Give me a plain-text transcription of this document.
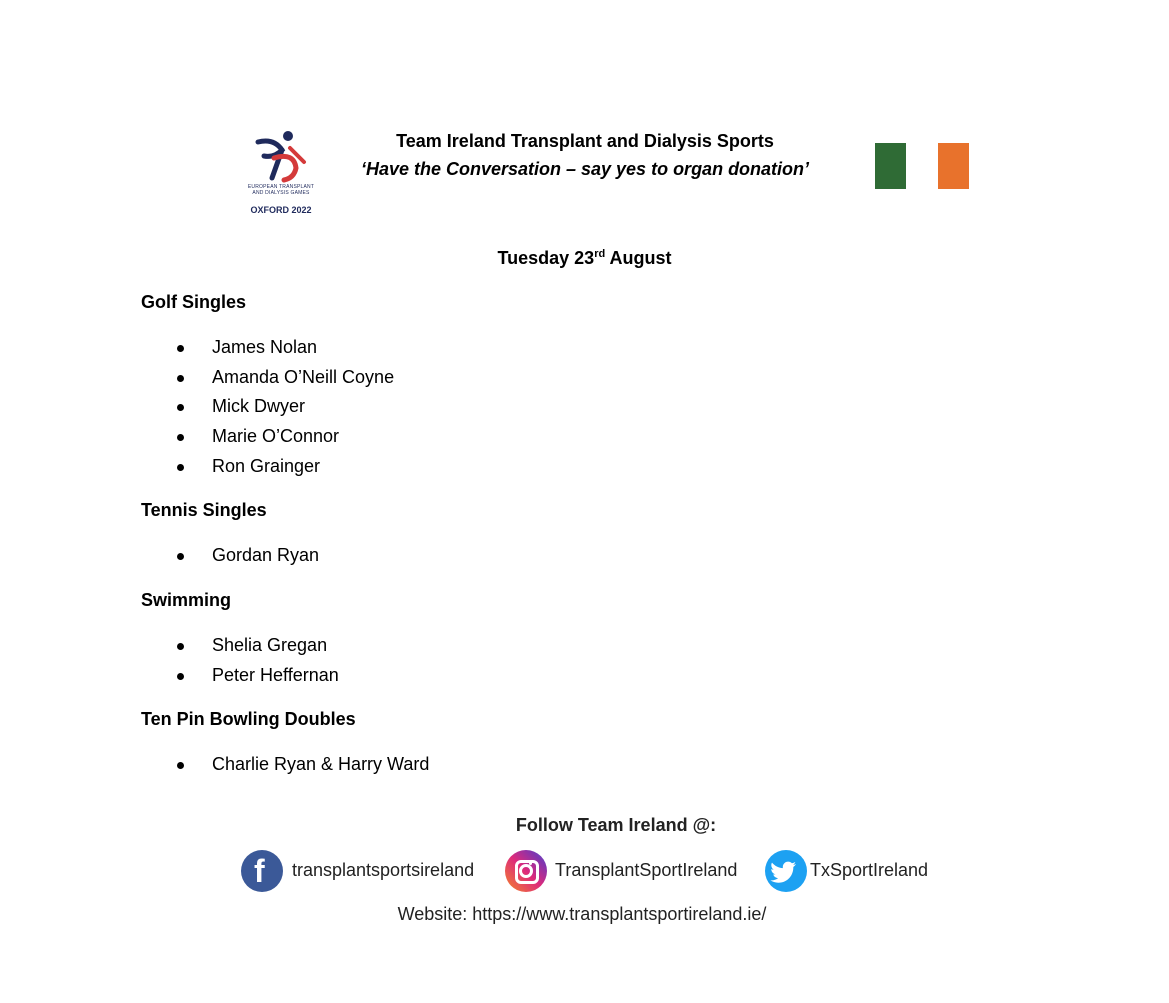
EUROPEAN TRANSPLANT
AND DIALYSIS GAMES
OXFORD 2022
Team Ireland Transplant and Dialysis Sports
‘Have the Conversation – say yes to organ donation’
Tuesday 23rd August
Golf Singles
James Nolan
Amanda O’Neill Coyne
Mick Dwyer
Marie O’Connor
Ron Grainger
Tennis Singles
Gordan Ryan
Swimming
Shelia Gregan
Peter Heffernan
Ten Pin Bowling Doubles
Charlie Ryan & Harry Ward
Follow Team Ireland @:
f transplantsportsireland	TransplantSportIreland	TxSportIreland
Website: https://www.transplantsportireland.ie/
